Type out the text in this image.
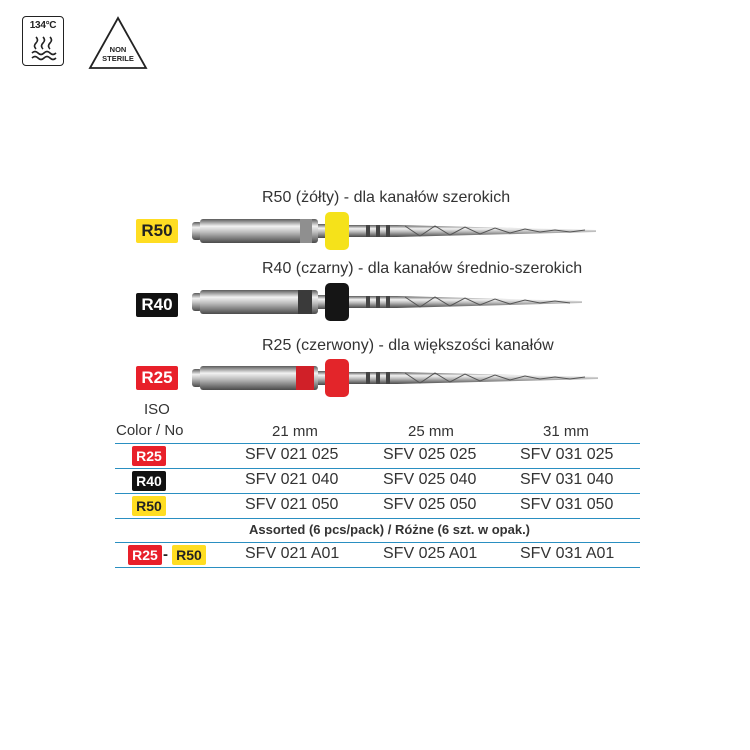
134°C
NON
STERILE
R50 (żółty) - dla kanałów szerokich
R50
R40 (czarny) - dla kanałów średnio-szerokich
R40
R25 (czerwony) - dla większości kanałów
R25
ISO
Color / No	21 mm	25 mm	31 mm
R25	SFV 021 025	SFV 025 025	SFV 031 025
R40	SFV 021 040	SFV 025 040	SFV 031 040
R50	SFV 021 050	SFV 025 050	SFV 031 050
Assorted (6 pcs/pack) / Różne (6 szt. w opak.)
R25 - R50	SFV 021 A01	SFV 025 A01	SFV 031 A01
